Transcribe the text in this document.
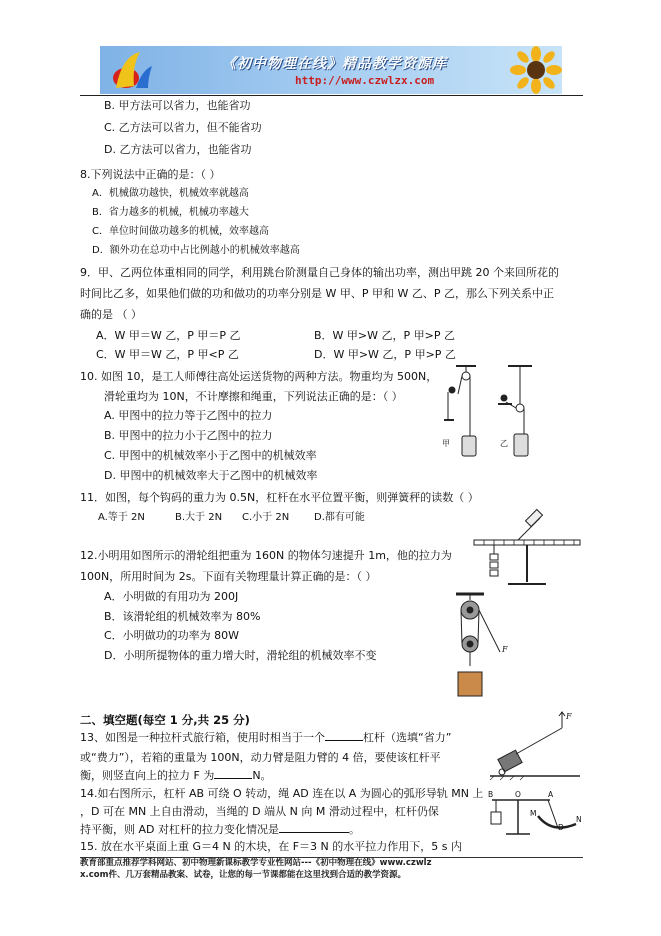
《初中物理在线》精品教学资源库
http://www.czwlzx.com
B. 甲方法可以省力，也能省功
C. 乙方法可以省力，但不能省功
D. 乙方法可以省力，也能省功
8.下列说法中正确的是：（ ）
A．机械做功越快，机械效率就越高
B．省力越多的机械，机械功率越大
C．单位时间做功越多的机械，效率越高
D．额外功在总功中占比例越小的机械效率越高
9．甲、乙两位体重相同的同学，利用跳台阶测量自己身体的输出功率，测出甲跳 20 个来回所花的
时间比乙多，如果他们做的功和做功的功率分别是 W 甲、P 甲和 W 乙、P 乙，那么下列关系中正
确的是 （ ）
A．W 甲＝W 乙，P 甲＝P 乙	B．W 甲>W 乙，P 甲>P 乙
C．W 甲＝W 乙，P 甲<P 乙	D．W 甲>W 乙，P 甲>P 乙
10. 如图 10，是工人师傅往高处运送货物的两种方法。物重均为 500N，
滑轮重均为 10N，不计摩擦和绳重，下列说法正确的是：（ ）
A. 甲图中的拉力等于乙图中的拉力
B. 甲图中的拉力小于乙图中的拉力
C. 甲图中的机械效率小于乙图中的机械效率
D. 甲图中的机械效率大于乙图中的机械效率
甲	乙
11．如图，每个钩码的重力为 0.5N，杠杆在水平位置平衡，则弹簧秤的读数（ ）
A.等于 2N	B.大于 2N C.小于 2N D.都有可能
12.小明用如图所示的滑轮组把重为 160N 的物体匀速提升 1m，他的拉力为
100N，所用时间为 2s。下面有关物理量计算正确的是：（ ）
A．小明做的有用功为 200J
B．该滑轮组的机械效率为 80%
C．小明做功的功率为 80W
D．小明所提物体的重力增大时，滑轮组的机械效率不变	F
二、填空题(每空 1 分,共 25 分)
13、如图是一种拉杆式旅行箱，使用时相当于一个	杠杆（选填“省力”
或“费力”），若箱的重量为 100N，动力臂是阻力臂的 4 倍，要使该杠杆平
衡，则竖直向上的拉力 F 为	N。
F
14.如右图所示，杠杆 AB 可绕 O 转动，绳 AD 连在以 A 为圆心的弧形导轨 MN 上
，D 可在 MN 上自由滑动，当绳的 D 端从 N 向 M 滑动过程中，杠杆仍保
持平衡，则 AD 对杠杆的拉力变化情况是	。
B	O	A
M
D
N
15. 放在水平桌面上重 G＝4 N 的木块，在 F＝3 N 的水平拉力作用下，5 s 内
教育部重点推荐学科网站、初中物理新课标教学专业性网站---《初中物理在线》www.czwlz
x.com件、几万套精品教案、试卷，让您的每一节课都能在这里找到合适的教学资源。
